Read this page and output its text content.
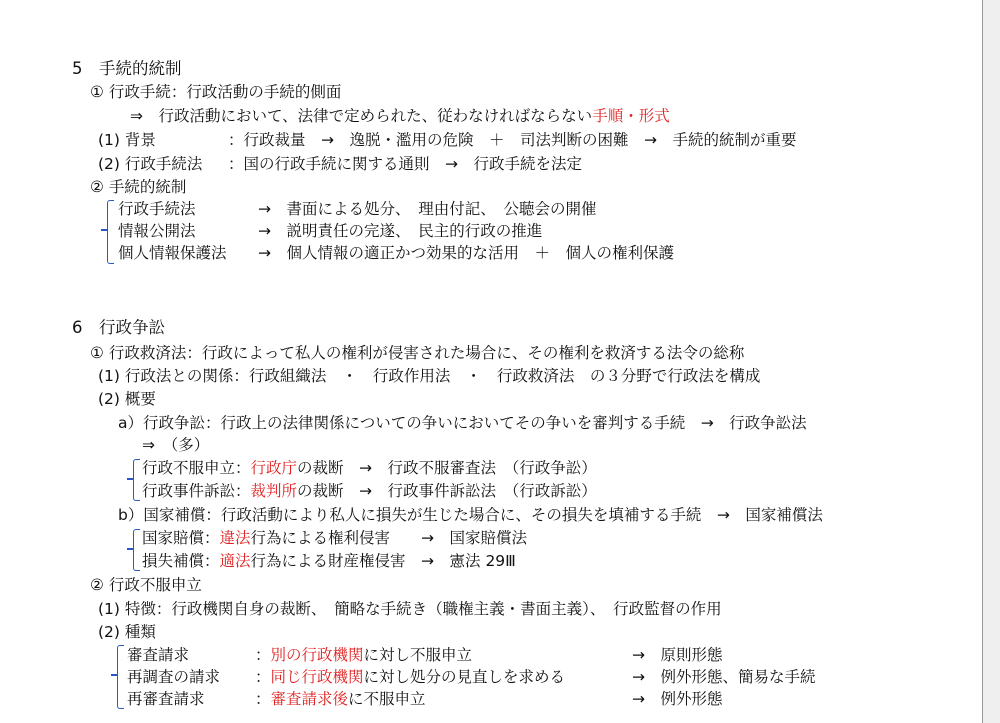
5　手続的統制
① 行政手続：行政活動の手続的側面
⇒　行政活動において、法律で定められた、従わなければならない手順・形式
(1) 背景	：行政裁量　→　逸脱・濫用の危険　＋　司法判断の困難　→　手続的統制が重要
(2) 行政手続法 ：国の行政手続に関する通則　→　行政手続を法定
② 手続的統制
行政手続法	→　書面による処分、　理由付記、　公聴会の開催
情報公開法	→　説明責任の完遂、　民主的行政の推進
個人情報保護法 →　個人情報の適正かつ効果的な活用　＋　個人の権利保護
6　行政争訟
① 行政救済法：行政によって私人の権利が侵害された場合に、その権利を救済する法令の総称
(1) 行政法との関係：行政組織法　・　行政作用法　・　行政救済法　の３分野で行政法を構成
(2) 概要
a）行政争訟：行政上の法律関係についての争いにおいてその争いを審判する手続　→　行政争訟法
⇒　（多）
行政不服申立：行政庁の裁断　→　行政不服審査法　（行政争訟）
行政事件訴訟：裁判所の裁断　→　行政事件訴訟法　（行政訴訟）
b）国家補償：行政活動により私人に損失が生じた場合に、その損失を填補する手続　→　国家補償法
国家賠償：違法行為による権利侵害　　→　国家賠償法
損失補償：適法行為による財産権侵害　→　憲法 29Ⅲ
② 行政不服申立
(1) 特徴：行政機関自身の裁断、　簡略な手続き（職権主義・書面主義）、　行政監督の作用
(2) 種類
審査請求	：別の行政機関に対し不服申立	→　原則形態
再調査の請求 ：同じ行政機関に対し処分の見直しを求める	→　例外形態、簡易な手続
再審査請求	：審査請求後に不服申立	→　例外形態
